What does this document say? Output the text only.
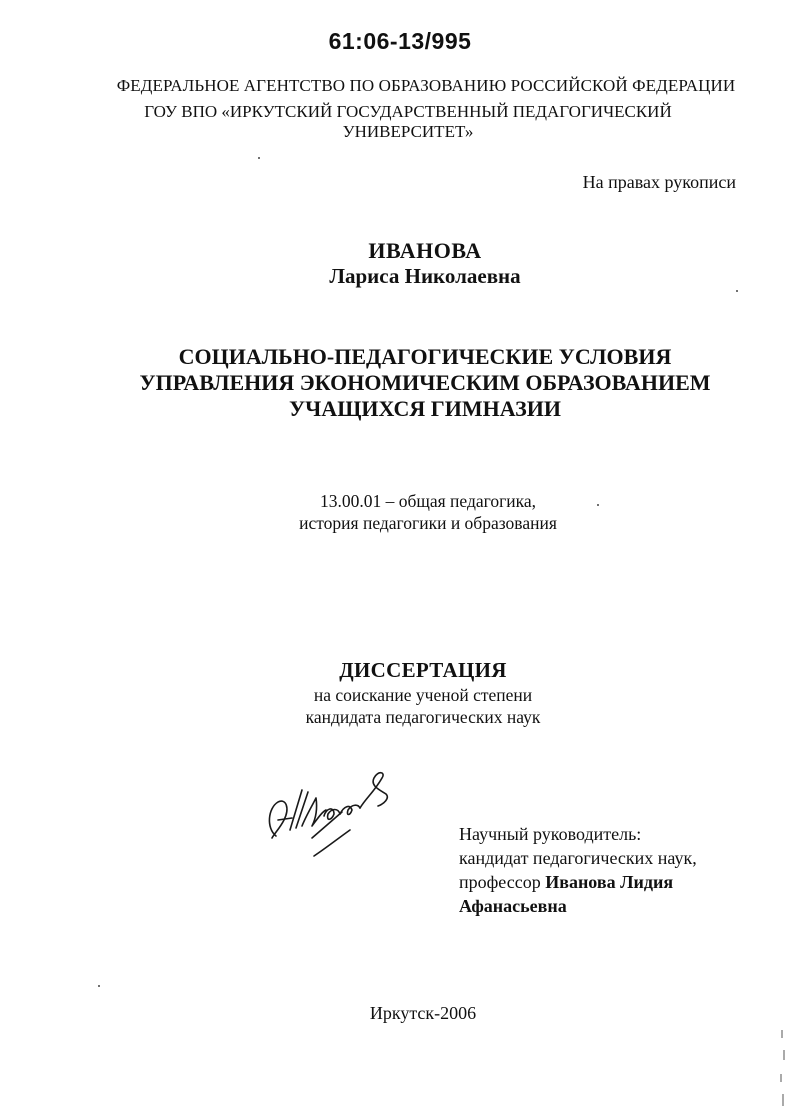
61:06-13/995
ФЕДЕРАЛЬНОЕ АГЕНТСТВО ПО ОБРАЗОВАНИЮ РОССИЙСКОЙ ФЕДЕРАЦИИ
ГОУ ВПО «ИРКУТСКИЙ ГОСУДАРСТВЕННЫЙ ПЕДАГОГИЧЕСКИЙ
УНИВЕРСИТЕТ»
На правах рукописи
ИВАНОВА
Лариса Николаевна
СОЦИАЛЬНО-ПЕДАГОГИЧЕСКИЕ УСЛОВИЯ
УПРАВЛЕНИЯ ЭКОНОМИЧЕСКИМ ОБРАЗОВАНИЕМ
УЧАЩИХСЯ ГИМНАЗИИ
13.00.01 – общая педагогика,
история педагогики и образования
ДИССЕРТАЦИЯ
на соискание ученой степени
кандидата педагогических наук
Научный руководитель:
кандидат педагогических наук,
профессор Иванова Лидия
Афанасьевна
Иркутск-2006
